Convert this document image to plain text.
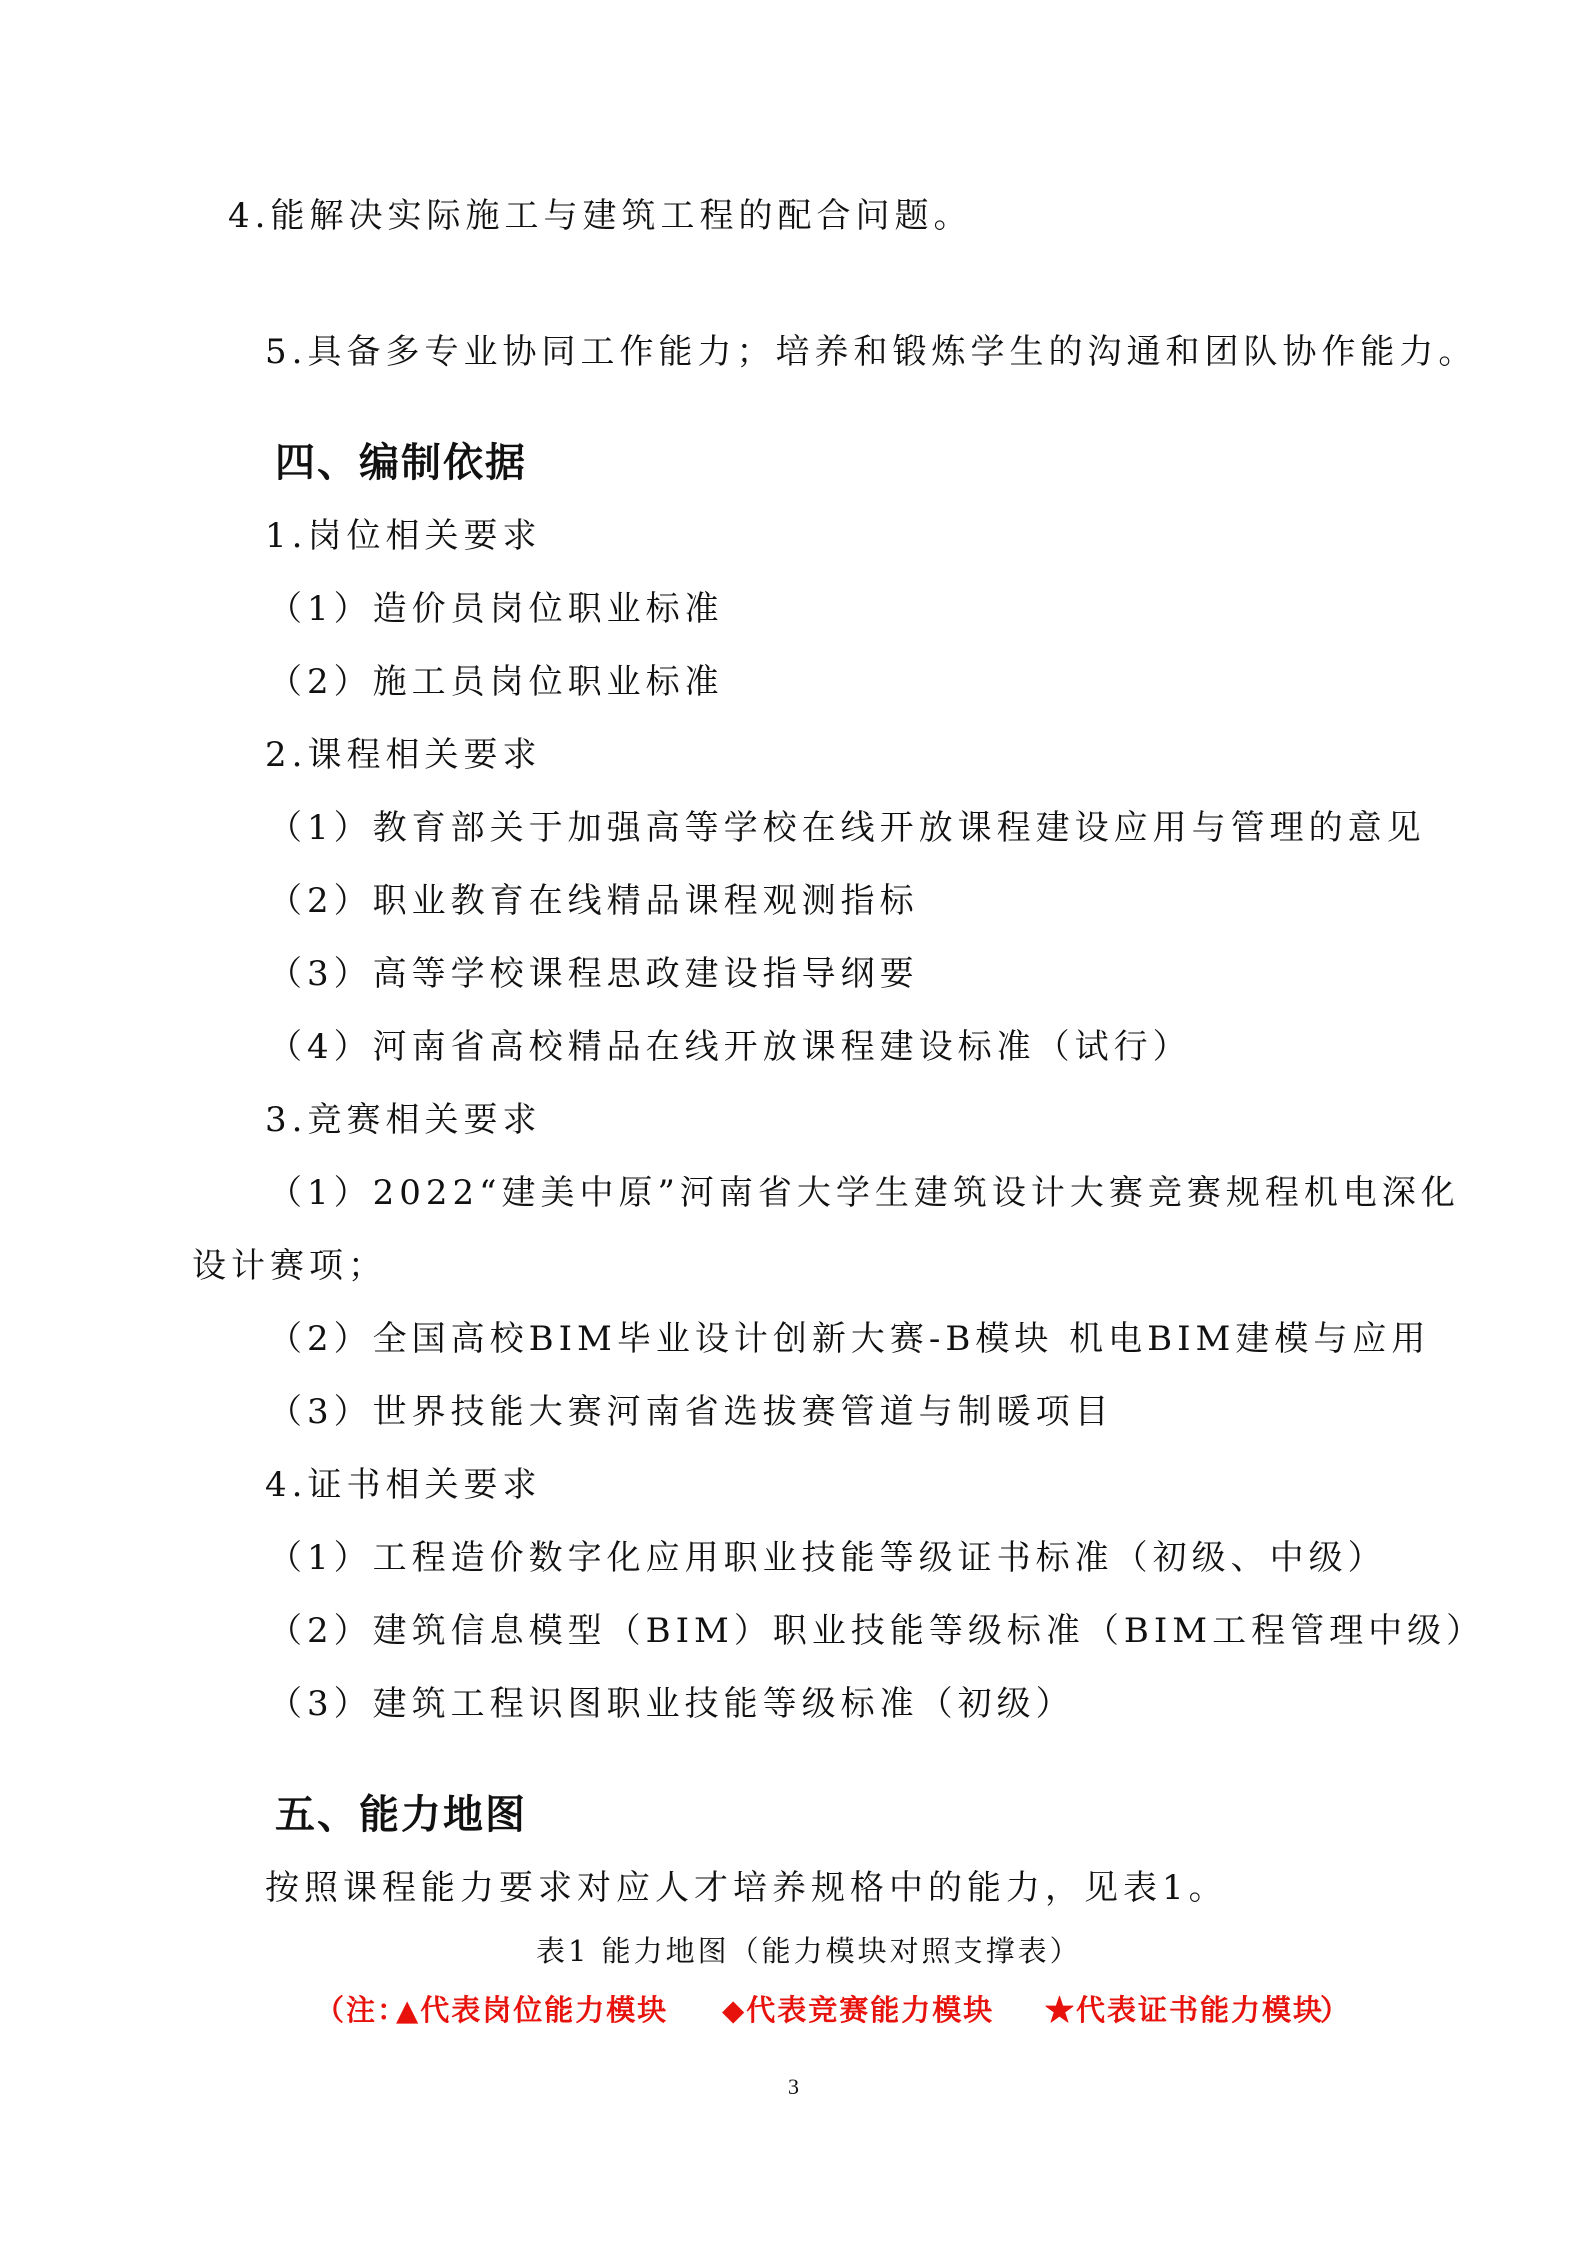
4.能解决实际施工与建筑工程的配合问题。
5.具备多专业协同工作能力；培养和锻炼学生的沟通和团队协作能力。
四、编制依据
1.岗位相关要求
（1）造价员岗位职业标准
（2）施工员岗位职业标准
2.课程相关要求
（1）教育部关于加强高等学校在线开放课程建设应用与管理的意见
（2）职业教育在线精品课程观测指标
（3）高等学校课程思政建设指导纲要
（4）河南省高校精品在线开放课程建设标准（试行）
3.竞赛相关要求
（1）2022“建美中原”河南省大学生建筑设计大赛竞赛规程机电深化
设计赛项；
（2）全国高校BIM毕业设计创新大赛-B模块 机电BIM建模与应用
（3）世界技能大赛河南省选拔赛管道与制暖项目
4.证书相关要求
（1）工程造价数字化应用职业技能等级证书标准（初级、中级）
（2）建筑信息模型（BIM）职业技能等级标准（BIM工程管理中级）
（3）建筑工程识图职业技能等级标准（初级）
五、能力地图
按照课程能力要求对应人才培养规格中的能力，见表1。
表1 能力地图（能力模块对照支撑表）
（注：
▲代表岗位能力模块 ◆代表竞赛能力模块 ★代表证书能力模块
）
3
